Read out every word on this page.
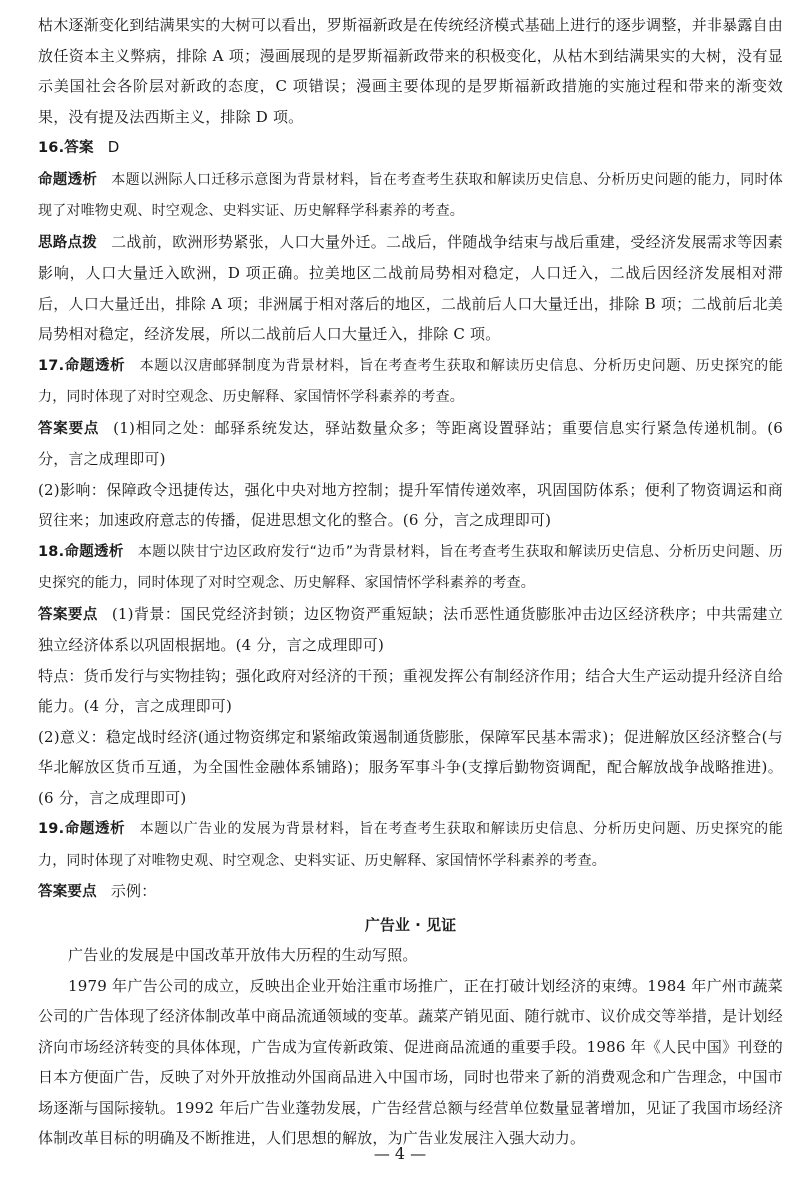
枯木逐渐变化到结满果实的大树可以看出，罗斯福新政是在传统经济模式基础上进行的逐步调整，并非暴露自由放任资本主义弊病，排除 A 项；漫画展现的是罗斯福新政带来的积极变化，从枯木到结满果实的大树，没有显示美国社会各阶层对新政的态度，C 项错误；漫画主要体现的是罗斯福新政措施的实施过程和带来的渐变效果，没有提及法西斯主义，排除 D 项。

16.答案 D

命题透析 本题以洲际人口迁移示意图为背景材料，旨在考查考生获取和解读历史信息、分析历史问题的能力，同时体现了对唯物史观、时空观念、史料实证、历史解释学科素养的考查。

思路点拨 二战前，欧洲形势紧张，人口大量外迁。二战后，伴随战争结束与战后重建，受经济发展需求等因素影响，人口大量迁入欧洲，D 项正确。拉美地区二战前局势相对稳定，人口迁入，二战后因经济发展相对滞后，人口大量迁出，排除 A 项；非洲属于相对落后的地区，二战前后人口大量迁出，排除 B 项；二战前后北美局势相对稳定，经济发展，所以二战前后人口大量迁入，排除 C 项。

17.命题透析 本题以汉唐邮驿制度为背景材料，旨在考查考生获取和解读历史信息、分析历史问题、历史探究的能力，同时体现了对时空观念、历史解释、家国情怀学科素养的考查。

答案要点 (1)相同之处：邮驿系统发达，驿站数量众多；等距离设置驿站；重要信息实行紧急传递机制。(6 分，言之成理即可)

(2)影响：保障政令迅捷传达，强化中央对地方控制；提升军情传递效率，巩固国防体系；便利了物资调运和商贸往来；加速政府意志的传播，促进思想文化的整合。(6 分，言之成理即可)

18.命题透析 本题以陕甘宁边区政府发行“边币”为背景材料，旨在考查考生获取和解读历史信息、分析历史问题、历史探究的能力，同时体现了对时空观念、历史解释、家国情怀学科素养的考查。

答案要点 (1)背景：国民党经济封锁；边区物资严重短缺；法币恶性通货膨胀冲击边区经济秩序；中共需建立独立经济体系以巩固根据地。(4 分，言之成理即可)

特点：货币发行与实物挂钩；强化政府对经济的干预；重视发挥公有制经济作用；结合大生产运动提升经济自给能力。(4 分，言之成理即可)

(2)意义：稳定战时经济(通过物资绑定和紧缩政策遏制通货膨胀，保障军民基本需求)；促进解放区经济整合(与华北解放区货币互通，为全国性金融体系铺路)；服务军事斗争(支撑后勤物资调配，配合解放战争战略推进)。(6 分，言之成理即可)

19.命题透析 本题以广告业的发展为背景材料，旨在考查考生获取和解读历史信息、分析历史问题、历史探究的能力，同时体现了对唯物史观、时空观念、史料实证、历史解释、家国情怀学科素养的考查。

答案要点 示例：

广告业 · 见证

广告业的发展是中国改革开放伟大历程的生动写照。

1979 年广告公司的成立，反映出企业开始注重市场推广，正在打破计划经济的束缚。1984 年广州市蔬菜公司的广告体现了经济体制改革中商品流通领域的变革。蔬菜产销见面、随行就市、议价成交等举措，是计划经济向市场经济转变的具体体现，广告成为宣传新政策、促进商品流通的重要手段。1986 年《人民中国》刊登的日本方便面广告，反映了对外开放推动外国商品进入中国市场，同时也带来了新的消费观念和广告理念，中国市场逐渐与国际接轨。1992 年后广告业蓬勃发展，广告经营总额与经营单位数量显著增加，见证了我国市场经济体制改革目标的明确及不断推进，人们思想的解放，为广告业发展注入强大动力。

— 4 —
